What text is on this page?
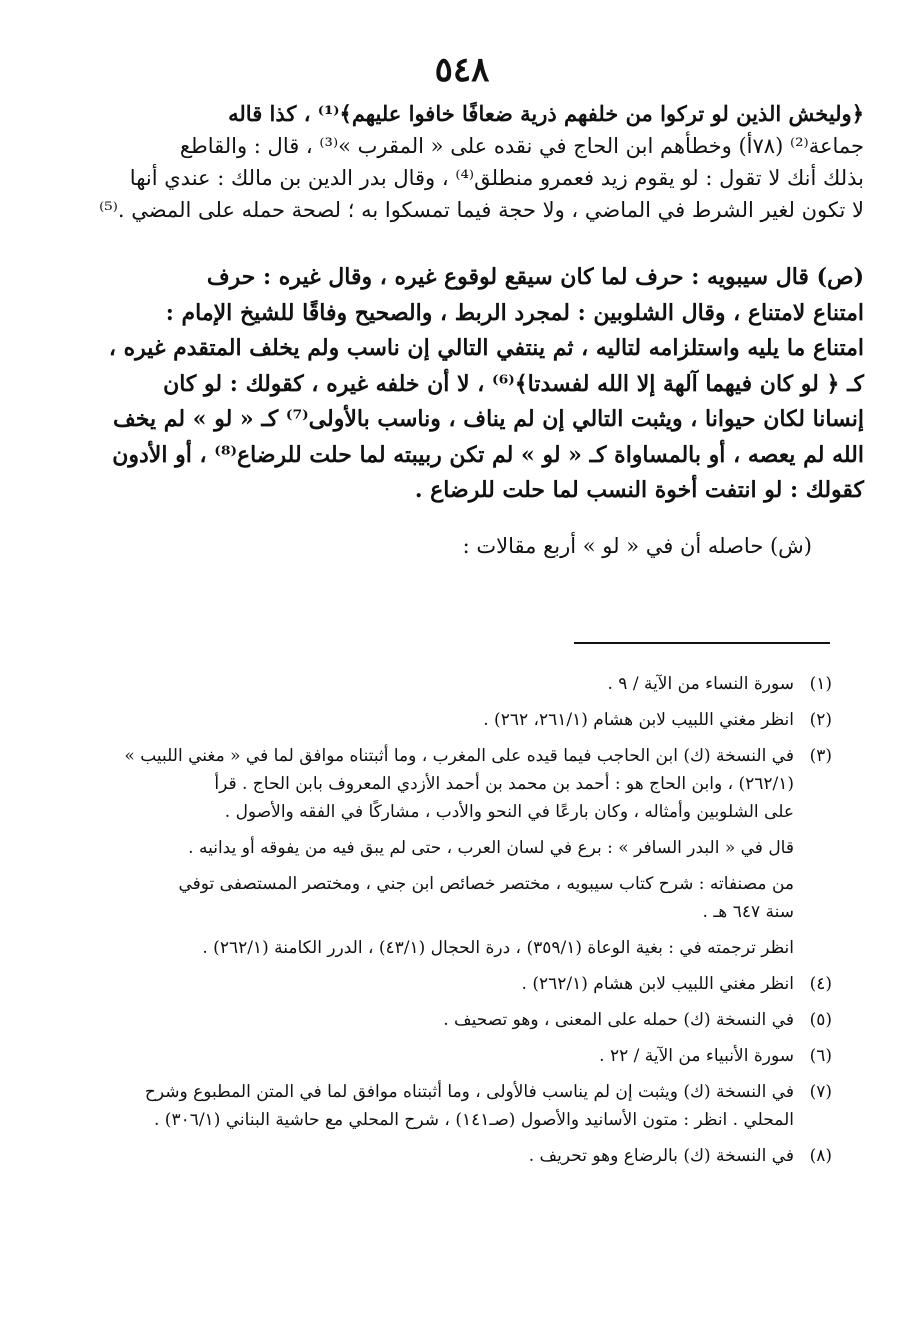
٥٤٨

﴿وليخش الذين لو تركوا من خلفهم ذرية ضعافًا خافوا عليهم﴾⁽¹⁾ ، كذا قاله

جماعة⁽²⁾ (٧٨أ) وخطأهم ابن الحاج في نقده على « المقرب »⁽³⁾ ، قال : والقاطع

بذلك أنك لا تقول : لو يقوم زيد فعمرو منطلق⁽⁴⁾ ، وقال بدر الدين بن مالك : عندي أنها

لا تكون لغير الشرط في الماضي ، ولا حجة فيما تمسكوا به ؛ لصحة حمله على المضي .⁽⁵⁾

(ص) قال سيبويه : حرف لما كان سيقع لوقوع غيره ، وقال غيره : حرف

امتناع لامتناع ، وقال الشلوبين : لمجرد الربط ، والصحيح وفاقًا للشيخ الإمام :

امتناع ما يليه واستلزامه لتاليه ، ثم ينتفي التالي إن ناسب ولم يخلف المتقدم غيره ،

كـ ﴿ لو كان فيهما آلهة إلا الله لفسدتا﴾⁽⁶⁾ ، لا أن خلفه غيره ، كقولك : لو كان

إنسانا لكان حيوانا ، ويثبت التالي إن لم يناف ، وناسب بالأولى⁽⁷⁾ كـ « لو » لم يخف

الله لم يعصه ، أو بالمساواة كـ « لو » لم تكن ربيبته لما حلت للرضاع⁽⁸⁾ ، أو الأدون

كقولك : لو انتفت أخوة النسب لما حلت للرضاع .

(ش) حاصله أن في « لو » أربع مقالات :

(١)

سورة النساء من الآية / ٩ .

(٢)

انظر مغني اللبيب لابن هشام (٢٦١/١، ٢٦٢) .

(٣)

في النسخة (ك) ابن الحاجب فيما قيده على المغرب ، وما أثبتناه موافق لما في « مغني اللبيب »

(٢٦٢/١) ، وابن الحاج هو : أحمد بن محمد بن أحمد الأزدي المعروف بابن الحاج . قرأ

على الشلوبين وأمثاله ، وكان بارعًا في النحو والأدب ، مشاركًا في الفقه والأصول .

قال في « البدر السافر » : برع في لسان العرب ، حتى لم يبق فيه من يفوقه أو يدانيه .

من مصنفاته : شرح كتاب سيبويه ، مختصر خصائص ابن جني ، ومختصر المستصفى توفي

سنة ٦٤٧ هـ .

انظر ترجمته في : بغية الوعاة (٣٥٩/١) ، درة الحجال (٤٣/١) ، الدرر الكامنة (٢٦٢/١) .

(٤)

انظر مغني اللبيب لابن هشام (٢٦٢/١) .

(٥)

في النسخة (ك) حمله على المعنى ، وهو تصحيف .

(٦)

سورة الأنبياء من الآية / ٢٢ .

(٧)

في النسخة (ك) ويثبت إن لم يناسب فالأولى ، وما أثبتناه موافق لما في المتن المطبوع وشرح

المحلي . انظر : متون الأسانيد والأصول (صـ١٤١) ، شرح المحلي مع حاشية البناني (٣٠٦/١) .

(٨)

في النسخة (ك) بالرضاع وهو تحريف .
